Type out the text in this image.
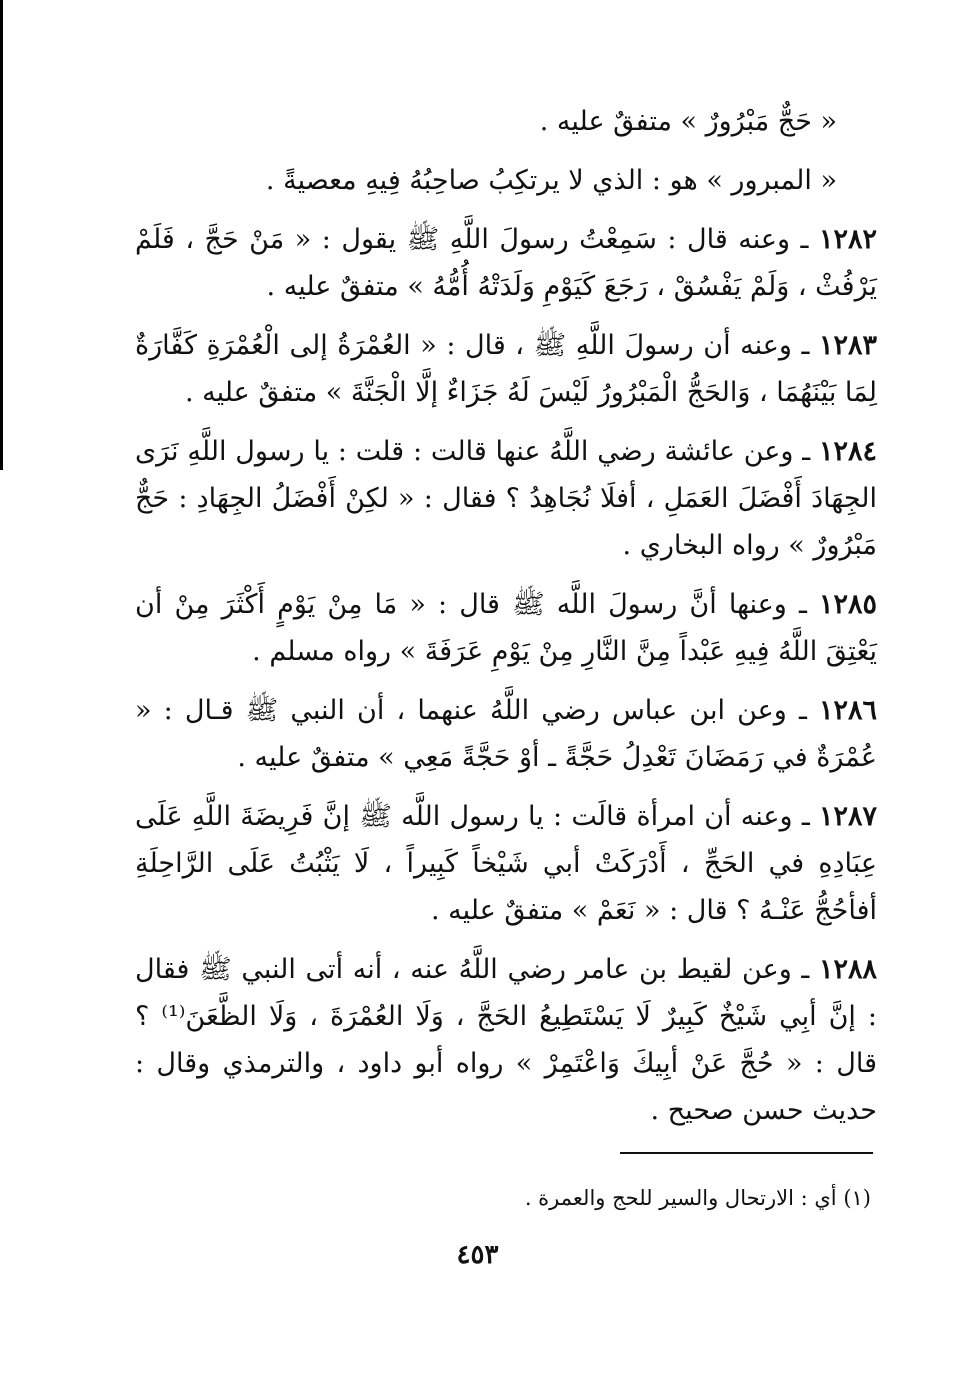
« حَجٌّ مَبْرُورٌ » متفقٌ عليه .

« المبرور » هو : الذي لا يرتكِبُ صاحِبُهُ فِيهِ معصيةً .

١٢٨٢ ـ وعنه قال : سَمِعْتُ رسولَ اللَّهِ ﷺ يقول : « مَنْ حَجَّ ، فَلَمْ يَرْفُثْ ، وَلَمْ يَفْسُقْ ، رَجَعَ كَيَوْمِ وَلَدَتْهُ أُمُّهُ » متفقٌ عليه .

١٢٨٣ ـ وعنه أن رسولَ اللَّهِ ﷺ ، قال : « العُمْرَةُ إلى الْعُمْرَةِ كَفَّارَةٌ لِمَا بَيْنَهُمَا ، وَالحَجُّ الْمَبْرُورُ لَيْسَ لَهُ جَزَاءٌ إلَّا الْجَنَّةَ » متفقٌ عليه .

١٢٨٤ ـ وعن عائشة رضي اللَّهُ عنها قالت : قلت : يا رسول اللَّهِ نَرَى الجِهَادَ أَفْضَلَ العَمَلِ ، أفلَا نُجَاهِدُ ؟ فقال : « لكِنْ أَفْضَلُ الجِهَادِ : حَجٌّ مَبْرُورٌ » رواه البخاري .

١٢٨٥ ـ وعنها أنَّ رسولَ اللَّه ﷺ قال : « مَا مِنْ يَوْمٍ أَكْثَرَ مِنْ أن يَعْتِقَ اللَّهُ فِيهِ عَبْداً مِنَّ النَّارِ مِنْ يَوْمِ عَرَفَةَ » رواه مسلم .

١٢٨٦ ـ وعن ابن عباس رضي اللَّهُ عنهما ، أن النبي ﷺ قـال : « عُمْرَةٌ في رَمَضَانَ تَعْدِلُ حَجَّةً ـ أوْ حَجَّةً مَعِي » متفقٌ عليه .

١٢٨٧ ـ وعنه أن امرأة قالَت : يا رسول اللَّه ﷺ إنَّ فَرِيضَةَ اللَّهِ عَلَى عِبَادِهِ في الحَجِّ ، أَدْرَكَتْ أبي شَيْخاً كَبِيراً ، لَا يَثْبُتُ عَلَى الرَّاحِلَةِ أفأحُجُّ عَنْـهُ ؟ قال : « نَعَمْ » متفقٌ عليه .

١٢٨٨ ـ وعن لقيط بن عامر رضي اللَّهُ عنه ، أنه أتى النبي ﷺ فقال : إنَّ أبِي شَيْخٌ كَبِيرٌ لَا يَسْتَطِيعُ الحَجَّ ، وَلَا العُمْرَةَ ، وَلَا الظَّعَنَ⁽¹⁾ ؟ قال : « حُجَّ عَنْ أبِيكَ وَاعْتَمِرْ » رواه أبو داود ، والترمذي وقال : حديث حسن صحيح .

(١) أي : الارتحال والسير للحج والعمرة .
٤٥٣
